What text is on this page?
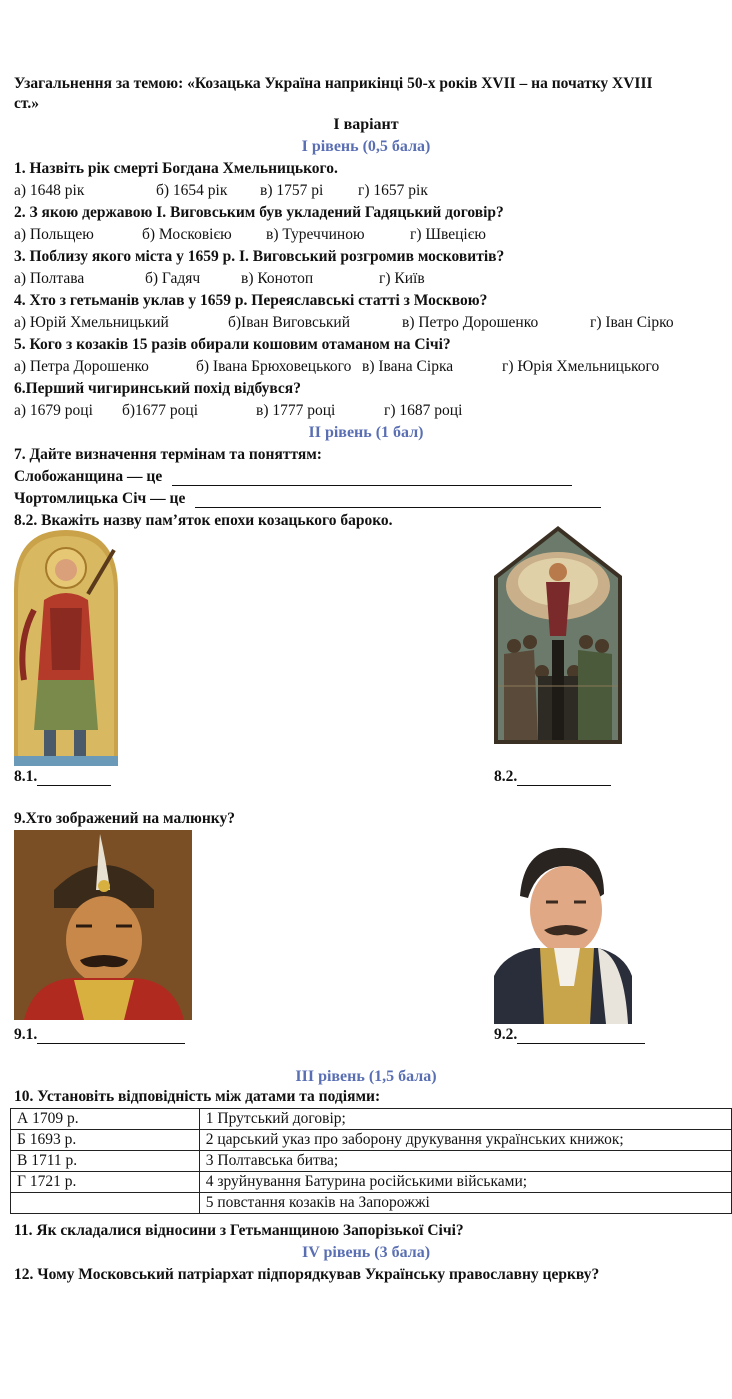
Узагальнення за темою: «Козацька Україна наприкінці 50-х років XVII – на початку XVIII
ст.»
І варіант
І рівень (0,5 бала)
1. Назвіть рік смерті Богдана Хмельницького.
а) 1648 рік	б) 1654 рік	в) 1757 рі	г) 1657 рік
2. З якою державою І. Виговським був укладений Гадяцький договір?
а) Польщею	б) Московією	в) Туреччиною	г) Швецією
3. Поблизу якого міста у 1659 р. І. Виговський розгромив московитів?
а) Полтава	б) Гадяч	в) Конотоп	г) Київ
4. Хто з гетьманів уклав у 1659 р. Переяславські статті з Москвою?
а) Юрій Хмельницький	б)Іван Виговський	в) Петро Дорошенко	г) Іван Сірко
5. Кого з козаків 15 разів обирали кошовим отаманом на Січі?
а) Петра Дорошенко	б) Івана Брюховецького в) Івана Сірка	г) Юрія Хмельницького
6.Перший чигиринський похід відбувся?
а) 1679 році	б)1677 році	в) 1777 році	г) 1687 році
ІІ рівень (1 бал)
7. Дайте визначення термінам та поняттям:
Слобожанщина — це
Чортомлицька Січ — це
8.2. Вкажіть назву пам’яток епохи козацького бароко.
8.1.	8.2.
9.Хто зображений на малюнку?
9.1.	9.2.
ІІІ рівень (1,5 бала)
10. Установіть відповідність між датами та подіями:
А 1709 р.	1 Прутський договір;
Б 1693 р.	2 царський указ про заборону друкування українських книжок;
В 1711 р.	3 Полтавська битва;
Г 1721 р.	4 зруйнування Батурина російськими військами;
	5 повстання козаків на Запорожжі
11. Як складалися відносини з Гетьманщиною Запорізької Січі?
IV рівень (3 бала)
12. Чому Московський патріархат підпорядкував Українську православну церкву?
